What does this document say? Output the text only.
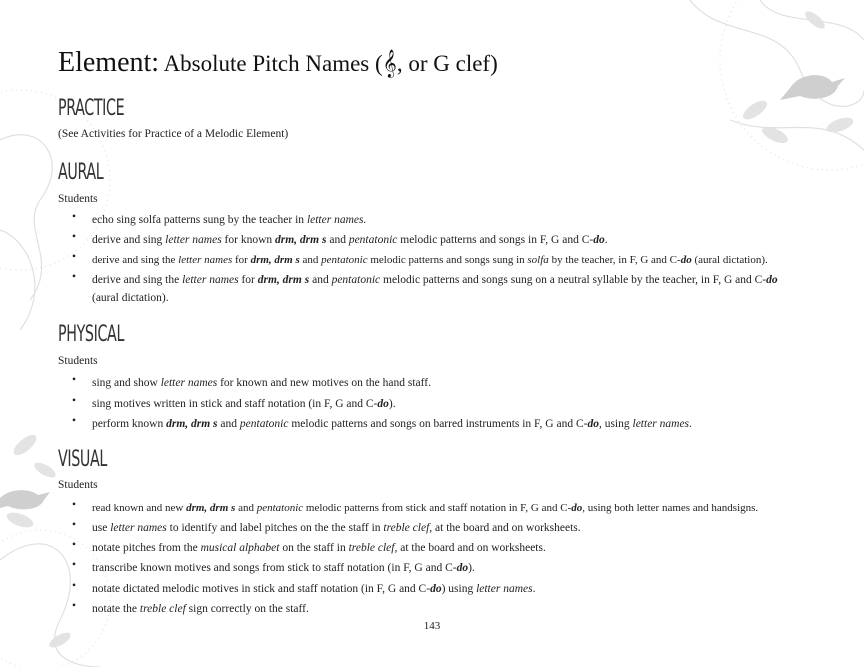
Element: Absolute Pitch Names (𝄞, or G clef)
PRACTICE
(See Activities for Practice of a Melodic Element)
AURAL
Students
• echo sing solfa patterns sung by the teacher in letter names.
• derive and sing letter names for known drm, drm s and pentatonic melodic patterns and songs in F, G and C-do.
• derive and sing the letter names for drm, drm s and pentatonic melodic patterns and songs sung in solfa by the teacher, in F, G and C-do (aural dictation).
• derive and sing the letter names for drm, drm s and pentatonic melodic patterns and songs sung on a neutral syllable by the teacher, in F, G and C-do (aural dictation).
PHYSICAL
Students
• sing and show letter names for known and new motives on the hand staff.
• sing motives written in stick and staff notation (in F, G and C-do).
• perform known drm, drm s and pentatonic melodic patterns and songs on barred instruments in F, G and C-do, using letter names.
VISUAL
Students
• read known and new drm, drm s and pentatonic melodic patterns from stick and staff notation in F, G and C-do, using both letter names and handsigns.
• use letter names to identify and label pitches on the the staff in treble clef, at the board and on worksheets.
• notate pitches from the musical alphabet on the staff in treble clef, at the board and on worksheets.
• transcribe known motives and songs from stick to staff notation (in F, G and C-do).
• notate dictated melodic motives in stick and staff notation (in F, G and C-do) using letter names.
• notate the treble clef sign correctly on the staff.
143
